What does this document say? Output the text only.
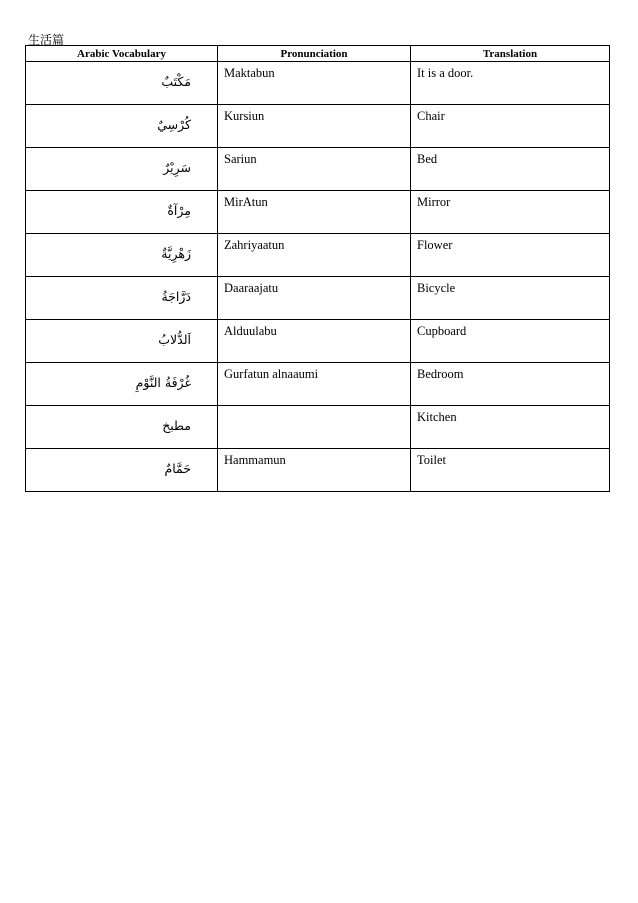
生活篇
Arabic Vocabulary	Pronunciation	Translation
مَكْتَبٌ	Maktabun	It is a door.
كُرْسِيٌ	Kursiun	Chair
سَرِيْرٌ	Sariun	Bed
مِرْآةٌ	MirAtun	Mirror
زَهْرِيَّةٌ	Zahriyaatun	Flower
دَرَّاجَةُ	Daaraajatu	Bicycle
اَلدُّلابُ	Alduulabu	Cupboard
غُرْفَةُ النَّوْمِ	Gurfatun alnaaumi	Bedroom
مطبخ		Kitchen
حَمَّامٌ	Hammamun	Toilet
